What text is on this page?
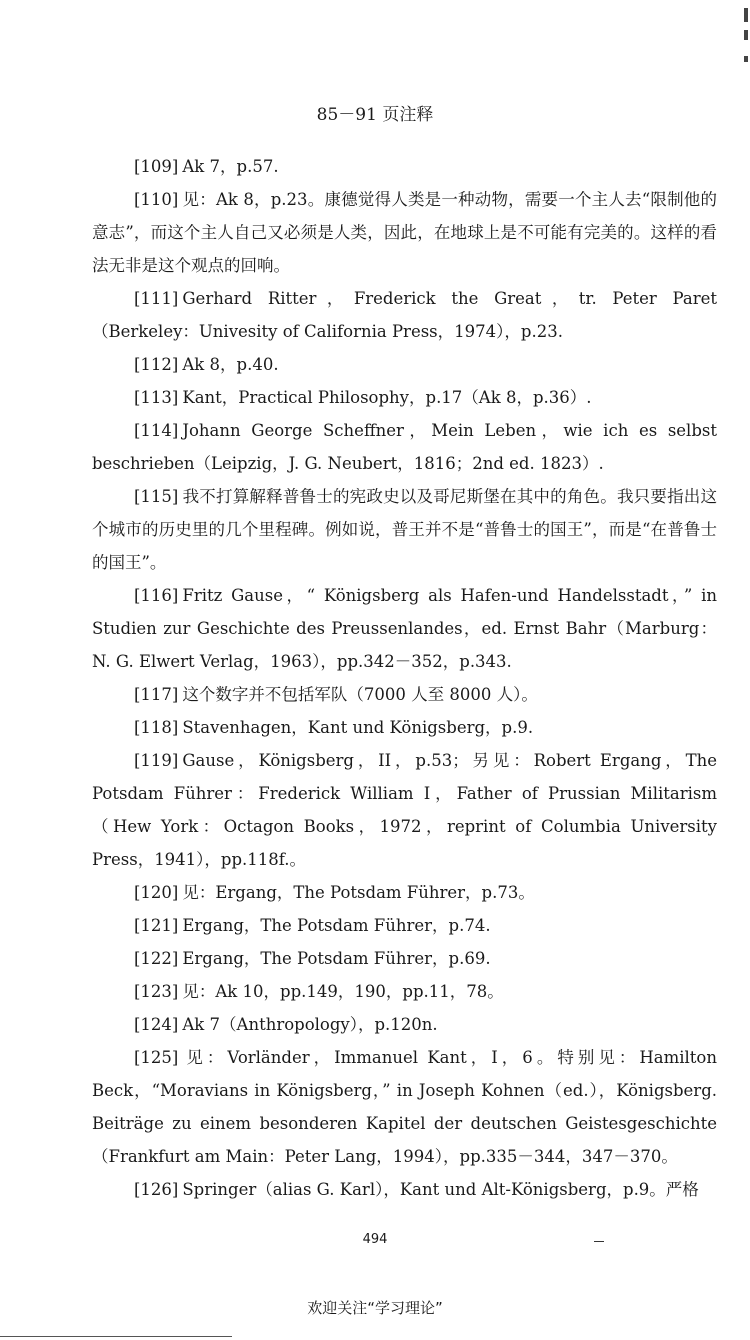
85－91 页注释

[109] Ak 7，p.57.

[110] 见：Ak 8，p.23。康德觉得人类是一种动物，需要一个主人去“限制他的意志”，而这个主人自己又必须是人类，因此，在地球上是不可能有完美的。这样的看法无非是这个观点的回响。

[111] Gerhard Ritter，Frederick the Great，tr. Peter Paret（Berkeley：Univesity of California Press，1974），p.23.

[112] Ak 8，p.40.

[113] Kant，Practical Philosophy，p.17（Ak 8，p.36）.

[114] Johann George Scheffner，Mein Leben，wie ich es selbst beschrieben（Leipzig，J. G. Neubert，1816；2nd ed. 1823）.

[115] 我不打算解释普鲁士的宪政史以及哥尼斯堡在其中的角色。我只要指出这个城市的历史里的几个里程碑。例如说，普王并不是“普鲁士的国王”，而是“在普鲁士的国王”。

[116] Fritz Gause，“ Königsberg als Hafen-und Handelsstadt，” in Studien zur Geschichte des Preussenlandes，ed. Ernst Bahr（Marburg：N. G. Elwert Verlag，1963），pp.342－352，p.343.

[117] 这个数字并不包括军队（7000 人至 8000 人）。

[118] Stavenhagen，Kant und Königsberg，p.9.

[119] Gause，Königsberg，II，p.53；另见：Robert Ergang，The Potsdam Führer：Frederick William I，Father of Prussian Militarism（Hew York：Octagon Books，1972，reprint of Columbia University Press，1941），pp.118f.。

[120] 见：Ergang，The Potsdam Führer，p.73。

[121] Ergang，The Potsdam Führer，p.74.

[122] Ergang，The Potsdam Führer，p.69.

[123] 见：Ak 10，pp.149，190，pp.11，78。

[124] Ak 7（Anthropology），p.120n.

[125] 见：Vorländer，Immanuel Kant，I，6。特别见：Hamilton Beck，“Moravians in Königsberg，” in Joseph Kohnen（ed.），Königsberg. Beiträge zu einem besonderen Kapitel der deutschen Geistesgeschichte（Frankfurt am Main：Peter Lang，1994），pp.335－344，347－370。

[126] Springer（alias G. Karl），Kant und Alt-Königsberg，p.9。严格

494
欢迎关注“学习理论”
